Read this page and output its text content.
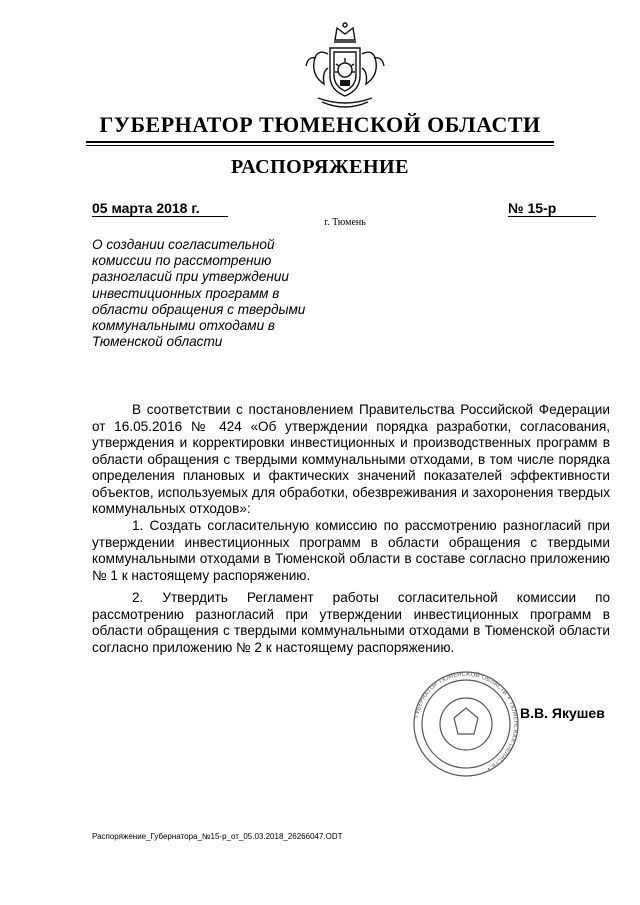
ГУБЕРНАТОР ТЮМЕНСКОЙ ОБЛАСТИ
РАСПОРЯЖЕНИЕ
05 марта 2018 г.	№ 15-р
г. Тюмень
О создании согласительной комиссии по рассмотрению разногласий при утверждении инвестиционных программ в области обращения с твердыми коммунальными отходами в Тюменской области
В соответствии с постановлением Правительства Российской Федерации от 16.05.2016 № 424 «Об утверждении порядка разработки, согласования, утверждения и корректировки инвестиционных и производственных программ в области обращения с твердыми коммунальными отходами, в том числе порядка определения плановых и фактических значений показателей эффективности объектов, используемых для обработки, обезвреживания и захоронения твердых коммунальных отходов»:
1. Создать согласительную комиссию по рассмотрению разногласий при утверждении инвестиционных программ в области обращения с твердыми коммунальными отходами в Тюменской области в составе согласно приложению № 1 к настоящему распоряжению.
2. Утвердить Регламент работы согласительной комиссии по рассмотрению разногласий при утверждении инвестиционных программ в области обращения с твердыми коммунальными отходами в Тюменской области согласно приложению № 2 к настоящему распоряжению.
ГУБЕРНАТОР ТЮМЕНСКОЙ ОБЛАСТИ • ТЮМЕНСКАЯ ОБЛАСТЬ •
В.В. Якушев
Распоряжение_Губернатора_№15-р_от_05.03.2018_26266047.ODT
